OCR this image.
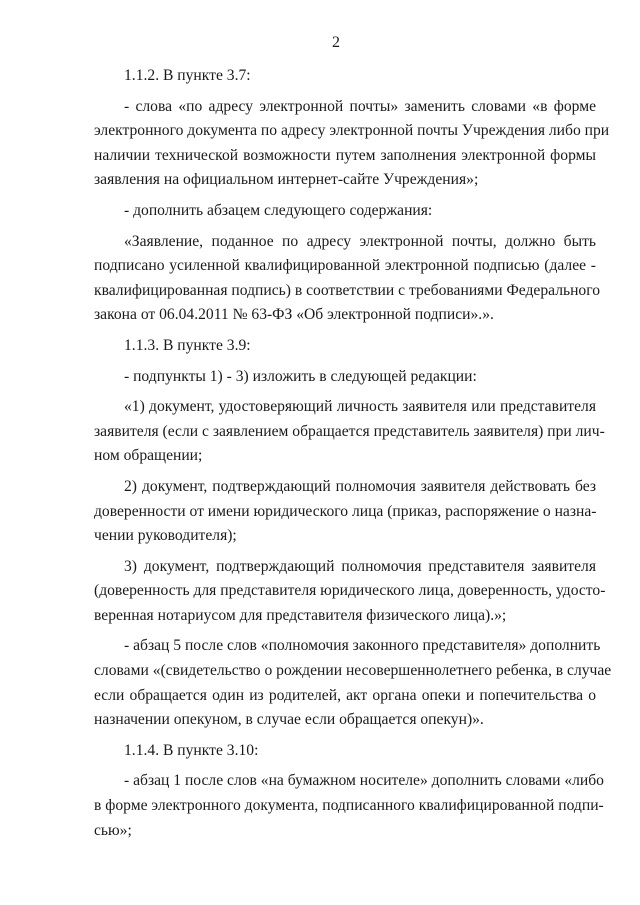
2
1.1.2. В пункте 3.7:
- слова «по адресу электронной почты» заменить словами «в форме
электронного документа по адресу электронной почты Учреждения либо при
наличии технической возможности путем заполнения электронной формы
заявления на официальном интернет-сайте Учреждения»;
- дополнить абзацем следующего содержания:
«Заявление, поданное по адресу электронной почты, должно быть
подписано усиленной квалифицированной электронной подписью (далее -
квалифицированная подпись) в соответствии с требованиями Федерального
закона от 06.04.2011 № 63-ФЗ «Об электронной подписи».».
1.1.3. В пункте 3.9:
- подпункты 1) - 3) изложить в следующей редакции:
«1) документ, удостоверяющий личность заявителя или представителя
заявителя (если с заявлением обращается представитель заявителя) при лич-
ном обращении;
2) документ, подтверждающий полномочия заявителя действовать без
доверенности от имени юридического лица (приказ, распоряжение о назна-
чении руководителя);
3) документ, подтверждающий полномочия представителя заявителя
(доверенность для представителя юридического лица, доверенность, удосто-
веренная нотариусом для представителя физического лица).»;
- абзац 5 после слов «полномочия законного представителя» дополнить
словами «(свидетельство о рождении несовершеннолетнего ребенка, в случае
если обращается один из родителей, акт органа опеки и попечительства о
назначении опекуном, в случае если обращается опекун)».
1.1.4. В пункте 3.10:
- абзац 1 после слов «на бумажном носителе» дополнить словами «либо
в форме электронного документа, подписанного квалифицированной подпи-
сью»;
